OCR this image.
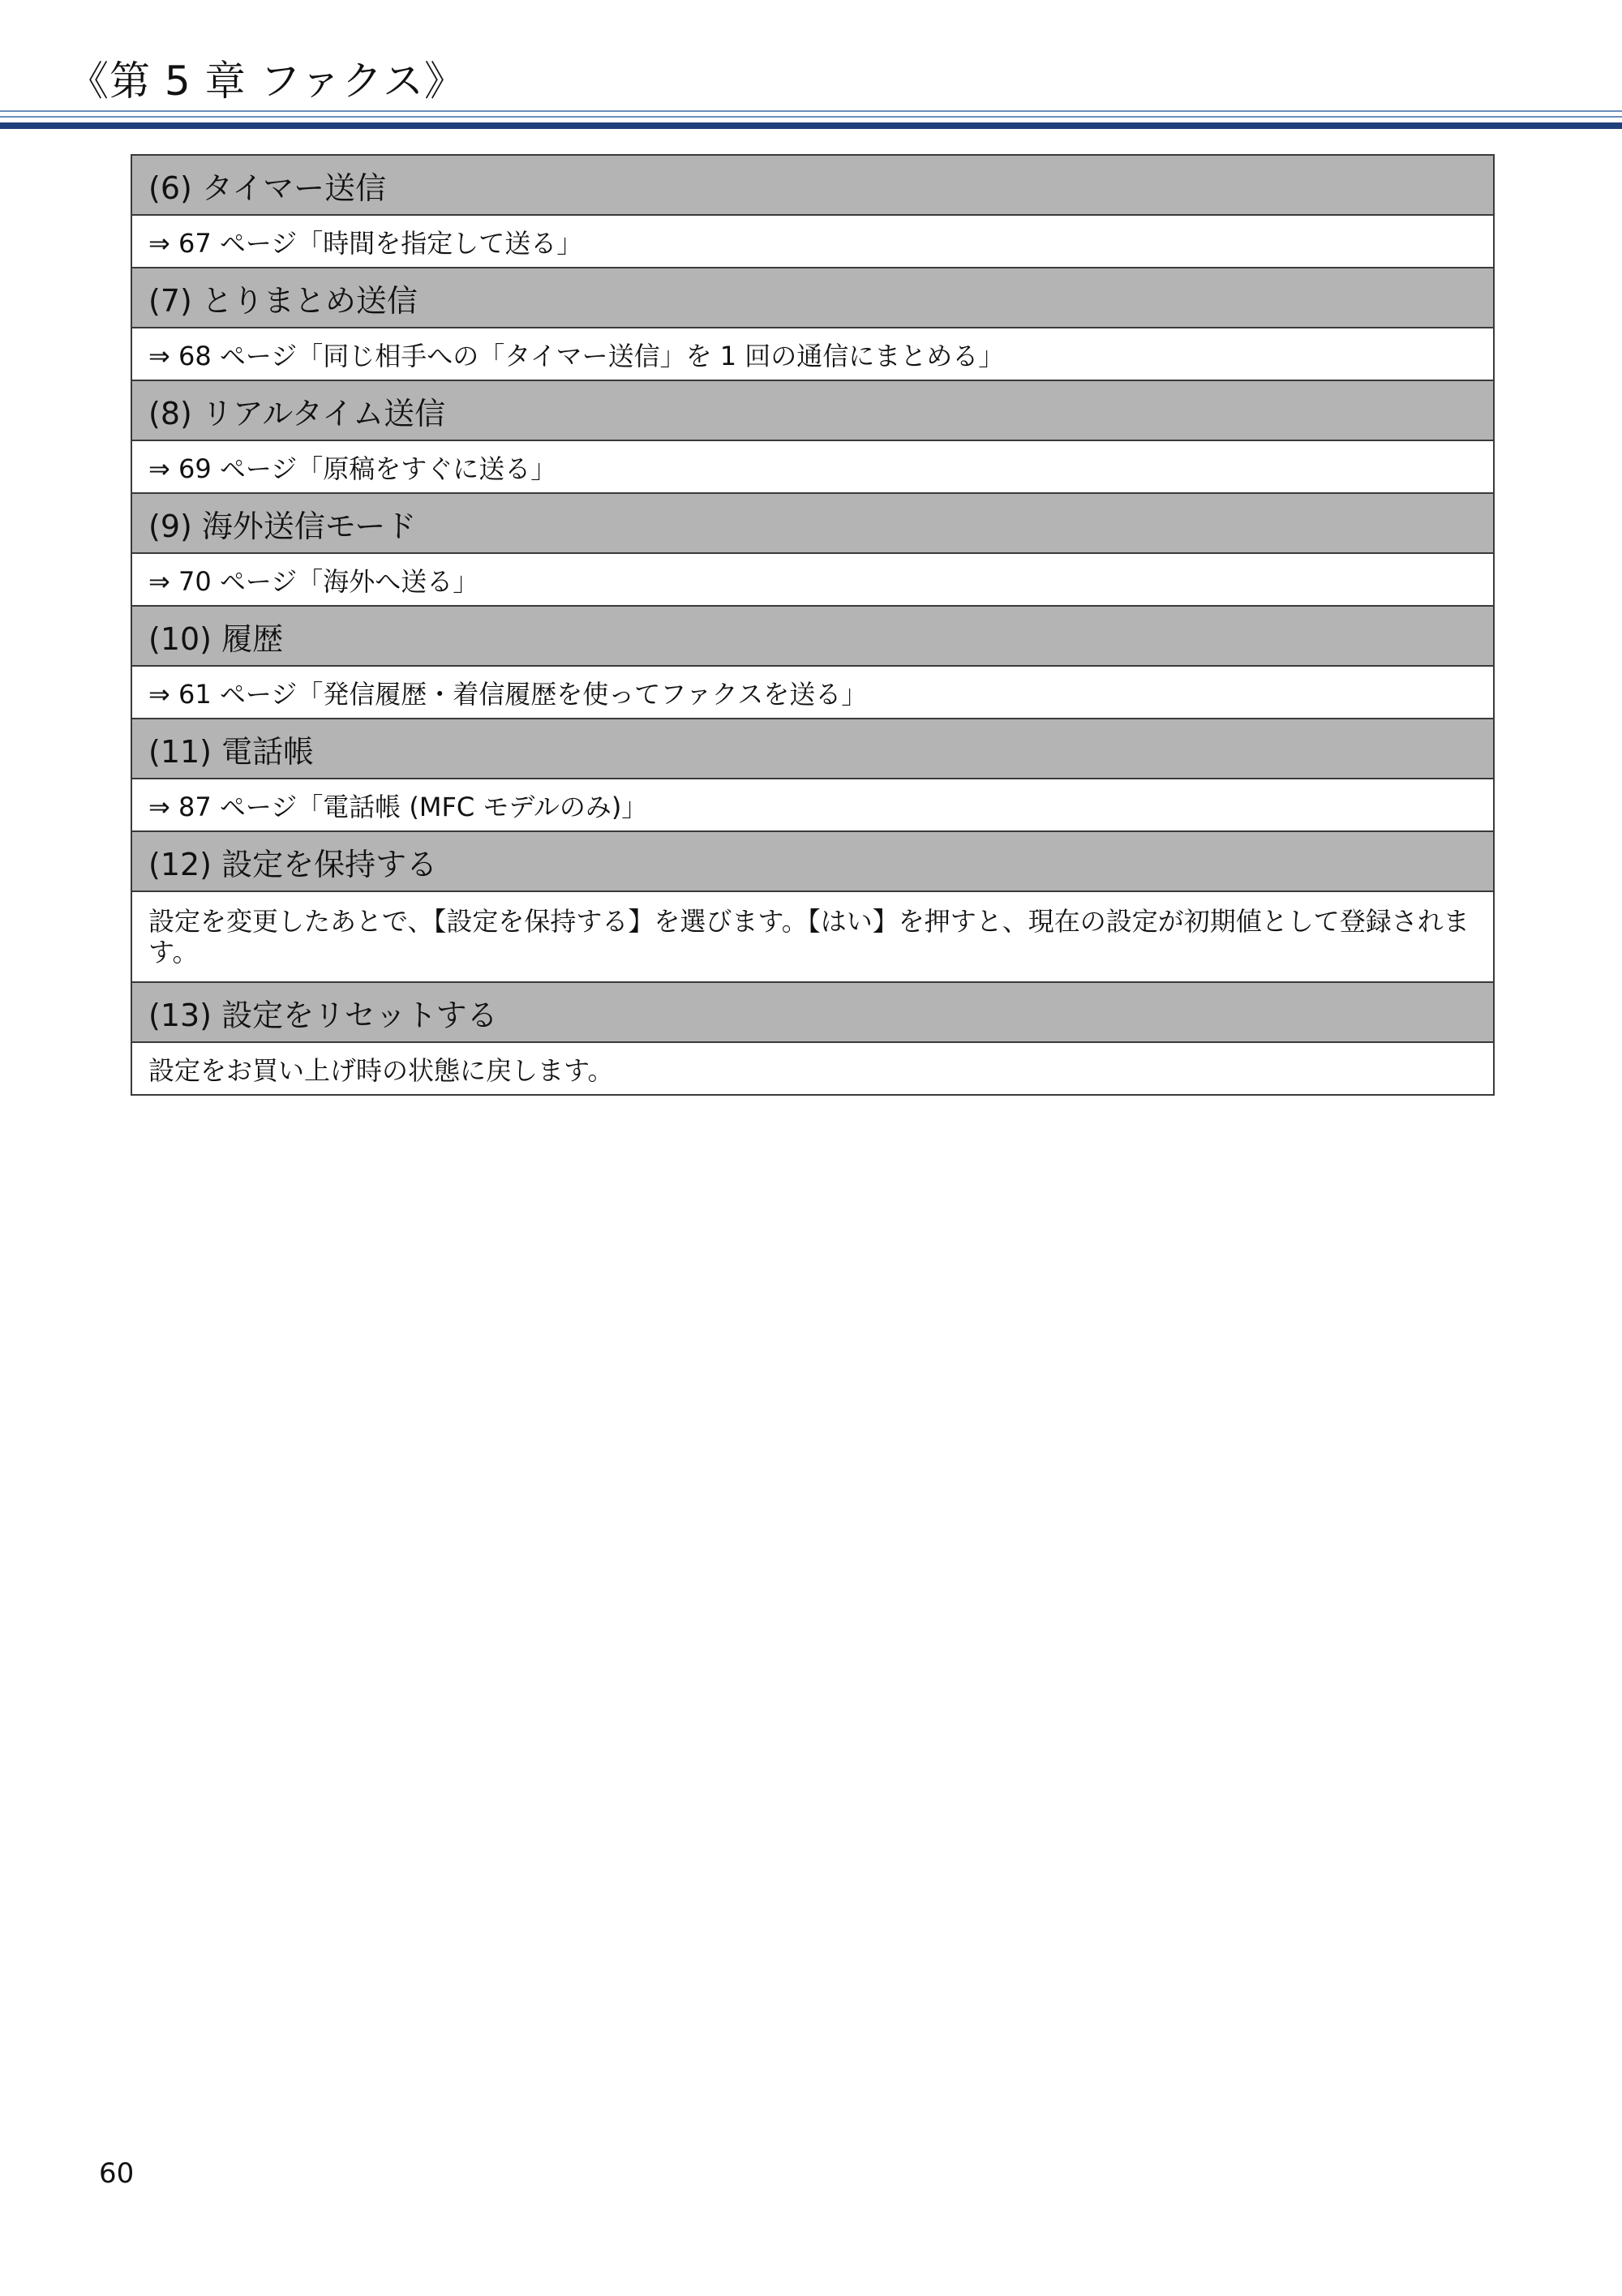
《第 5 章 ファクス》
(6) タイマー送信
⇒ 67 ページ「時間を指定して送る」
(7) とりまとめ送信
⇒ 68 ページ「同じ相手への「タイマー送信」を 1 回の通信にまとめる」
(8) リアルタイム送信
⇒ 69 ページ「原稿をすぐに送る」
(9) 海外送信モード
⇒ 70 ページ「海外へ送る」
(10) 履歴
⇒ 61 ページ「発信履歴・着信履歴を使ってファクスを送る」
(11) 電話帳
⇒ 87 ページ「電話帳 (MFC モデルのみ)」
(12) 設定を保持する
設定を変更したあとで、【設定を保持する】を選びます。【はい】を押すと、現在の設定が初期値として登録されます。
(13) 設定をリセットする
設定をお買い上げ時の状態に戻します。
60
